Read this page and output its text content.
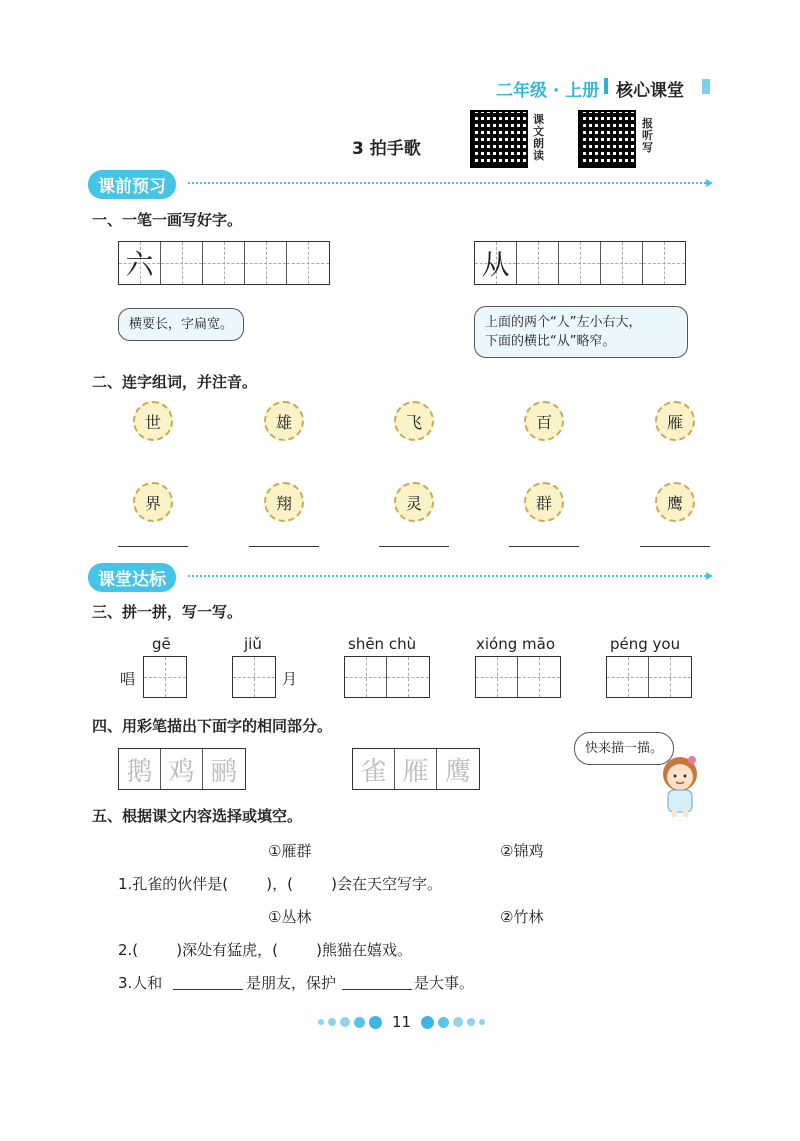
二年级 · 上册 核心课堂
3 拍手歌
课文朗读
报听写
课前预习
一、一笔一画写好字。
六	从
横要长，字扁宽。	上面的两个“人”左小右大，
下面的横比“从”略窄。
二、连字组词，并注音。
世	雄	飞	百	雁
界	翔	灵	群	鹰
课堂达标
三、拼一拼，写一写。
gē
唱
jiǔ
月
shēn chù	xióng māo	péng you
四、用彩笔描出下面字的相同部分。
鹅 鸡 鹂	雀 雁 鹰
快来描一描。
五、根据课文内容选择或填空。
①雁群	②锦鸡
1.孔雀的伙伴是(        )，(        )会在天空写字。
①丛林	②竹林
2.(        )深处有猛虎，(        )熊猫在嬉戏。
3.人和	是朋友，保护	是大事。
11
